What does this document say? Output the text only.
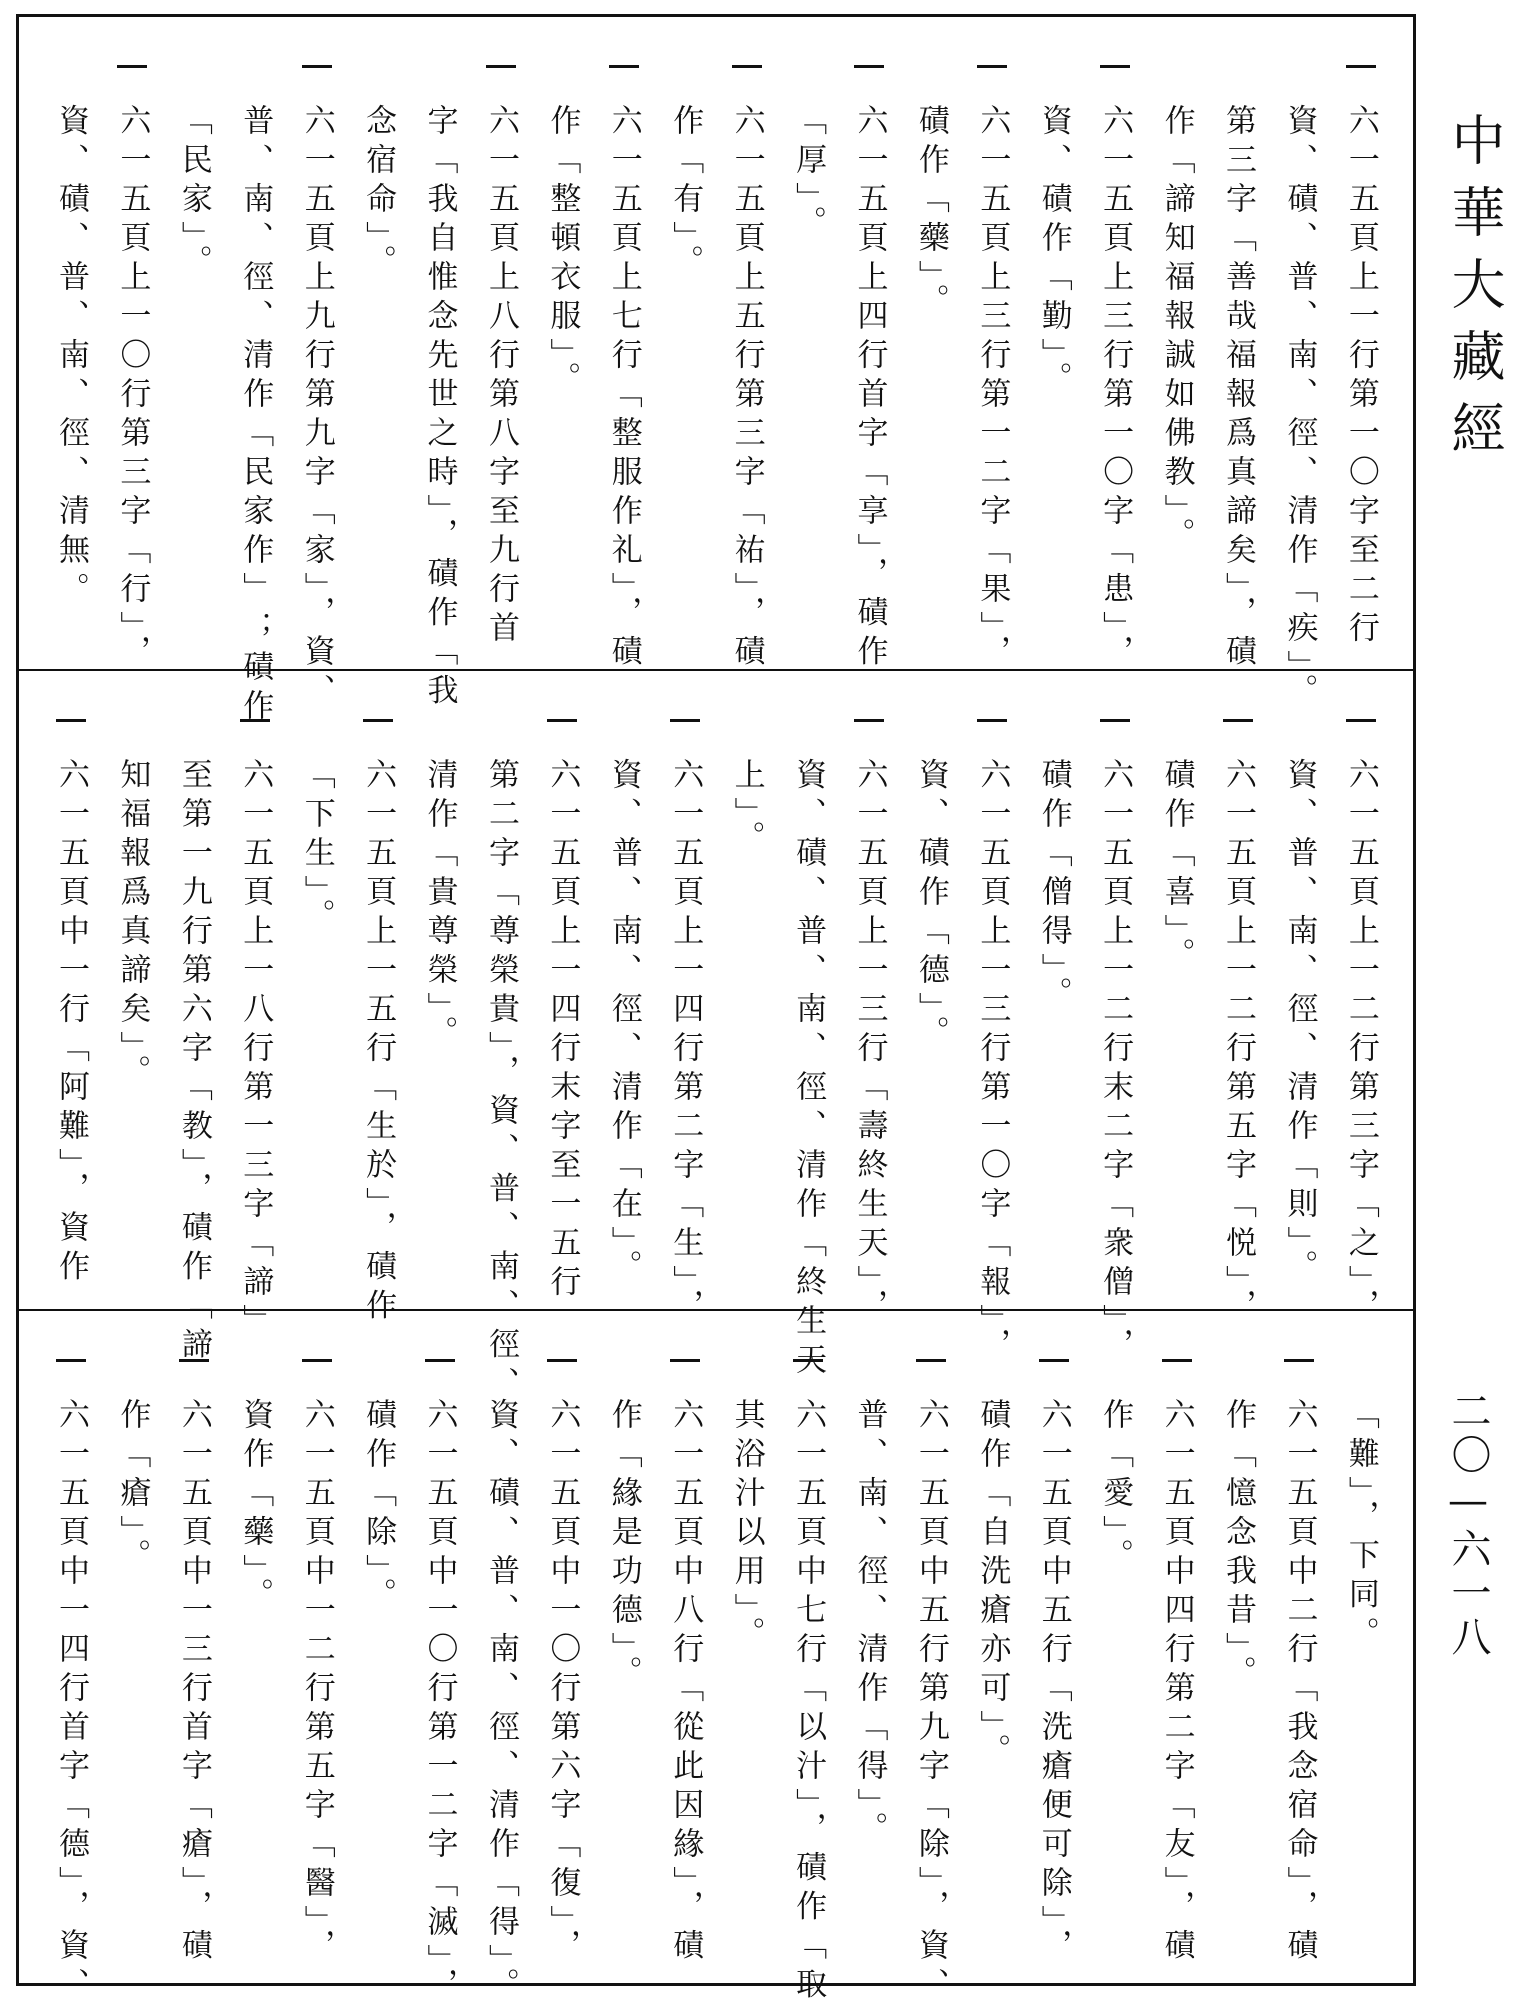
中華大藏經
六一五頁上一行第一〇字至二行
資、磧、普、南、徑、清作「疾」。
第三字「善哉福報爲真諦矣」，磧
作「諦知福報誠如佛教」。
六一五頁上三行第一〇字「患」，
資、磧作「勤」。
六一五頁上三行第一二字「果」，
磧作「藥」。
六一五頁上四行首字「享」，磧作
「厚」。
六一五頁上五行第三字「祐」，磧
作「有」。
六一五頁上七行「整服作礼」，磧
作「整頓衣服」。
六一五頁上八行第八字至九行首
字「我自惟念先世之時」，磧作「我
念宿命」。
六一五頁上九行第九字「家」，資、
普、南、徑、清作「民家作」；磧作
「民家」。
六一五頁上一〇行第三字「行」，
資、磧、普、南、徑、清無。
六一五頁上一二行第三字「之」，
資、普、南、徑、清作「則」。
六一五頁上一二行第五字「悦」，
磧作「喜」。
六一五頁上一二行末二字「衆僧」，
磧作「僧得」。
六一五頁上一三行第一〇字「報」，
資、磧作「德」。
六一五頁上一三行「壽終生天」，
資、磧、普、南、徑、清作「終生天
上」。
六一五頁上一四行第二字「生」，
資、普、南、徑、清作「在」。
六一五頁上一四行末字至一五行
第二字「尊榮貴」，資、普、南、徑、
清作「貴尊榮」。
六一五頁上一五行「生於」，磧作
「下生」。
六一五頁上一八行第一三字「諦」
至第一九行第六字「教」，磧作「諦
知福報爲真諦矣」。
六一五頁中一行「阿難」，資作
「難」，下同。
六一五頁中二行「我念宿命」，磧
作「憶念我昔」。
六一五頁中四行第二字「友」，磧
作「愛」。
六一五頁中五行「洗瘡便可除」，
磧作「自洗瘡亦可」。
六一五頁中五行第九字「除」，資、
普、南、徑、清作「得」。
六一五頁中七行「以汁」，磧作「取
其浴汁以用」。
六一五頁中八行「從此因緣」，磧
作「緣是功德」。
六一五頁中一〇行第六字「復」，
資、磧、普、南、徑、清作「得」。
六一五頁中一〇行第一二字「滅」，
磧作「除」。
六一五頁中一二行第五字「醫」，
資作「藥」。
六一五頁中一三行首字「瘡」，磧
作「瘡」。
六一五頁中一四行首字「德」，資、	二〇—六一八
